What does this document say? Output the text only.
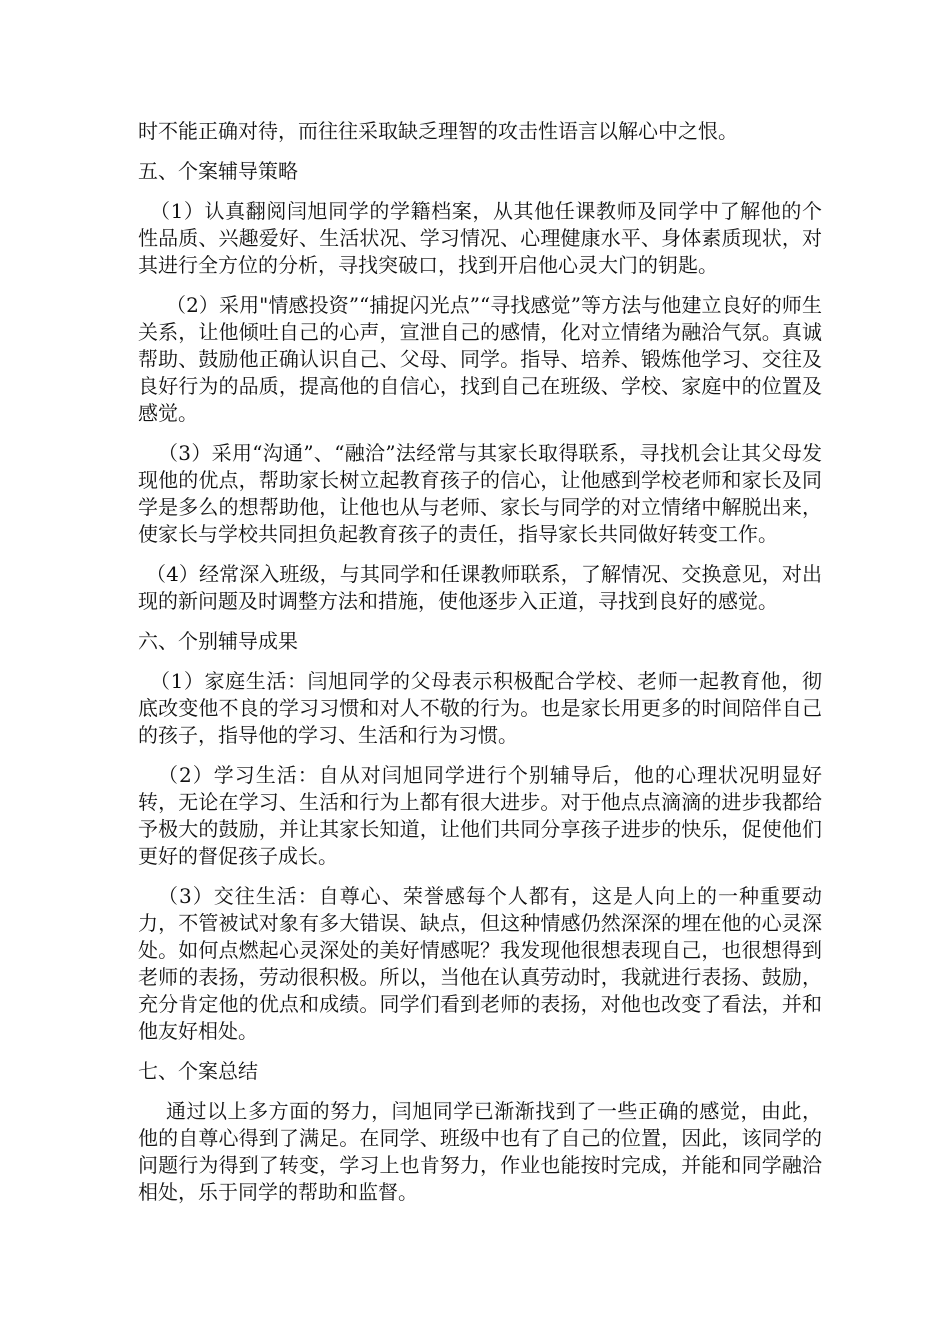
时不能正确对待，而往往采取缺乏理智的攻击性语言以解心中之恨。

五、个案辅导策略

（1）认真翻阅闫旭同学的学籍档案，从其他任课教师及同学中了解他的个性品质、兴趣爱好、生活状况、学习情况、心理健康水平、身体素质现状，对其进行全方位的分析，寻找突破口，找到开启他心灵大门的钥匙。

（2）采用"情感投资”“捕捉闪光点”“寻找感觉”等方法与他建立良好的师生关系，让他倾吐自己的心声，宣泄自己的感情，化对立情绪为融洽气氛。真诚帮助、鼓励他正确认识自己、父母、同学。指导、培养、锻炼他学习、交往及良好行为的品质，提高他的自信心，找到自己在班级、学校、家庭中的位置及感觉。

（3）采用“沟通”、“融洽”法经常与其家长取得联系，寻找机会让其父母发现他的优点，帮助家长树立起教育孩子的信心，让他感到学校老师和家长及同学是多么的想帮助他，让他也从与老师、家长与同学的对立情绪中解脱出来，使家长与学校共同担负起教育孩子的责任，指导家长共同做好转变工作。

（4）经常深入班级，与其同学和任课教师联系，了解情况、交换意见，对出现的新问题及时调整方法和措施，使他逐步入正道，寻找到良好的感觉。

六、个别辅导成果

（1）家庭生活：闫旭同学的父母表示积极配合学校、老师一起教育他，彻底改变他不良的学习习惯和对人不敬的行为。也是家长用更多的时间陪伴自己的孩子，指导他的学习、生活和行为习惯。

（2）学习生活：自从对闫旭同学进行个别辅导后，他的心理状况明显好转，无论在学习、生活和行为上都有很大进步。对于他点点滴滴的进步我都给予极大的鼓励，并让其家长知道，让他们共同分享孩子进步的快乐，促使他们更好的督促孩子成长。

（3）交往生活：自尊心、荣誉感每个人都有，这是人向上的一种重要动力，不管被试对象有多大错误、缺点，但这种情感仍然深深的埋在他的心灵深处。如何点燃起心灵深处的美好情感呢？我发现他很想表现自己，也很想得到老师的表扬，劳动很积极。所以，当他在认真劳动时，我就进行表扬、鼓励，充分肯定他的优点和成绩。同学们看到老师的表扬，对他也改变了看法，并和他友好相处。

七、个案总结

通过以上多方面的努力，闫旭同学已渐渐找到了一些正确的感觉，由此，他的自尊心得到了满足。在同学、班级中也有了自己的位置，因此，该同学的问题行为得到了转变，学习上也肯努力，作业也能按时完成，并能和同学融洽相处，乐于同学的帮助和监督。
